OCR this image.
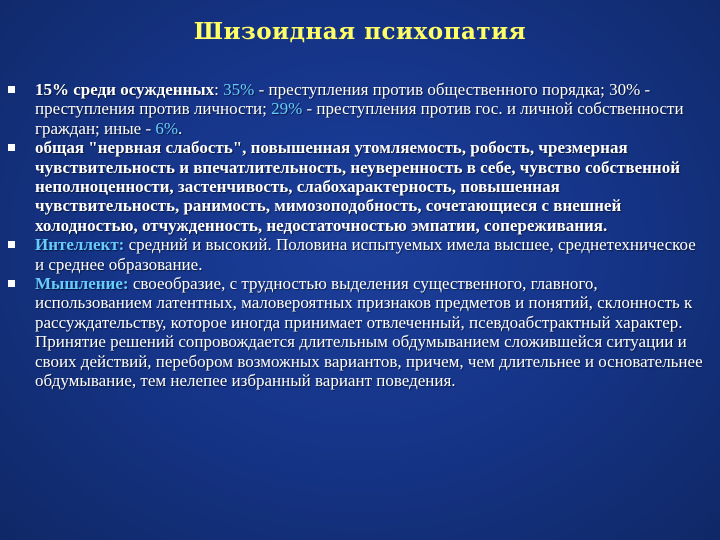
Шизоидная психопатия
15% среди осужденных: 35% - преступления против общественного порядка; 30% - преступления против личности; 29% - преступления против гос. и личной собственности граждан; иные - 6%.
общая "нервная слабость", повышенная утомляемость, робость, чрезмерная чувствительность и впечатлительность, неуверенность в себе, чувство собственной неполноценности, застенчивость, слабохарактерность, повышенная чувствительность, ранимость, мимозоподобность, сочетающиеся с внешней холодностью, отчужденность, недостаточностью эмпатии, сопереживания.
Интеллект: средний и высокий. Половина испытуемых имела высшее, среднетехническое и среднее образование.
Мышление: своеобразие, с трудностью выделения существенного, главного, использованием латентных, маловероятных признаков предметов и понятий, склонность к рассуждательству, которое иногда принимает отвлеченный, псевдоабстрактный характер. Принятие решений сопровождается длительным обдумыванием сложившейся ситуации и своих действий, перебором возможных вариантов, причем, чем длительнее и основательнее обдумывание, тем нелепее избранный вариант поведения.
